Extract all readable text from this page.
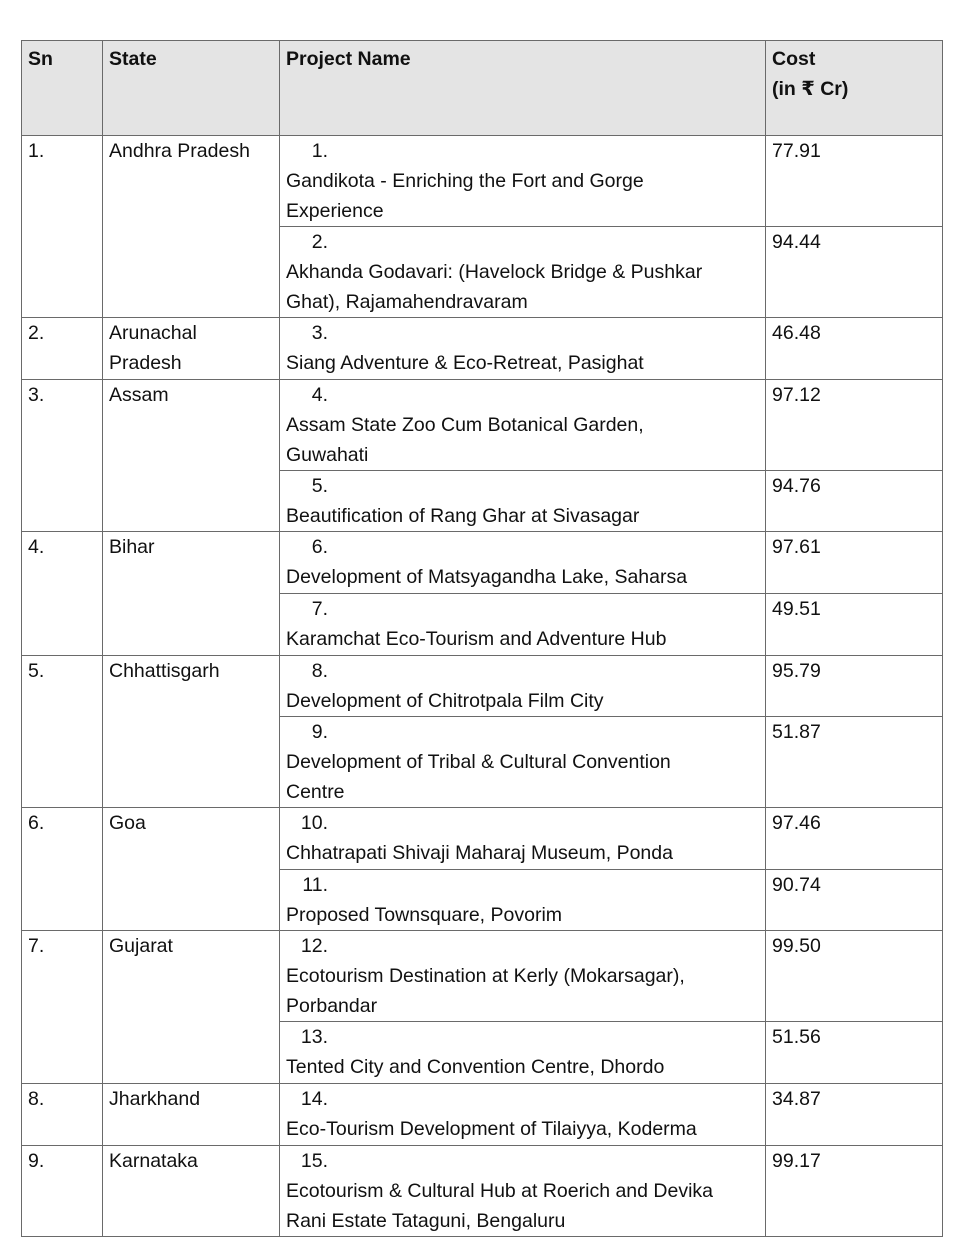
Sn	State	Project Name	Cost
(in ₹ Cr)

1.	Andhra Pradesh	1. Gandikota - Enriching the Fort and Gorge Experience	77.91
		2. Akhanda Godavari: (Havelock Bridge & Pushkar Ghat), Rajamahendravaram	94.44
2.	Arunachal Pradesh	3. Siang Adventure & Eco-Retreat, Pasighat	46.48
3.	Assam	4. Assam State Zoo Cum Botanical Garden, Guwahati	97.12
		5. Beautification of Rang Ghar at Sivasagar	94.76
4.	Bihar	6. Development of Matsyagandha Lake, Saharsa	97.61
		7. Karamchat Eco-Tourism and Adventure Hub	49.51
5.	Chhattisgarh	8. Development of Chitrotpala Film City	95.79
		9. Development of Tribal & Cultural Convention Centre	51.87
6.	Goa	10. Chhatrapati Shivaji Maharaj Museum, Ponda	97.46
		11. Proposed Townsquare, Povorim	90.74
7.	Gujarat	12. Ecotourism Destination at Kerly (Mokarsagar), Porbandar	99.50
		13. Tented City and Convention Centre, Dhordo	51.56
8.	Jharkhand	14. Eco-Tourism Development of Tilaiyya, Koderma	34.87
9.	Karnataka	15. Ecotourism & Cultural Hub at Roerich and Devika Rani Estate Tataguni, Bengaluru	99.17
